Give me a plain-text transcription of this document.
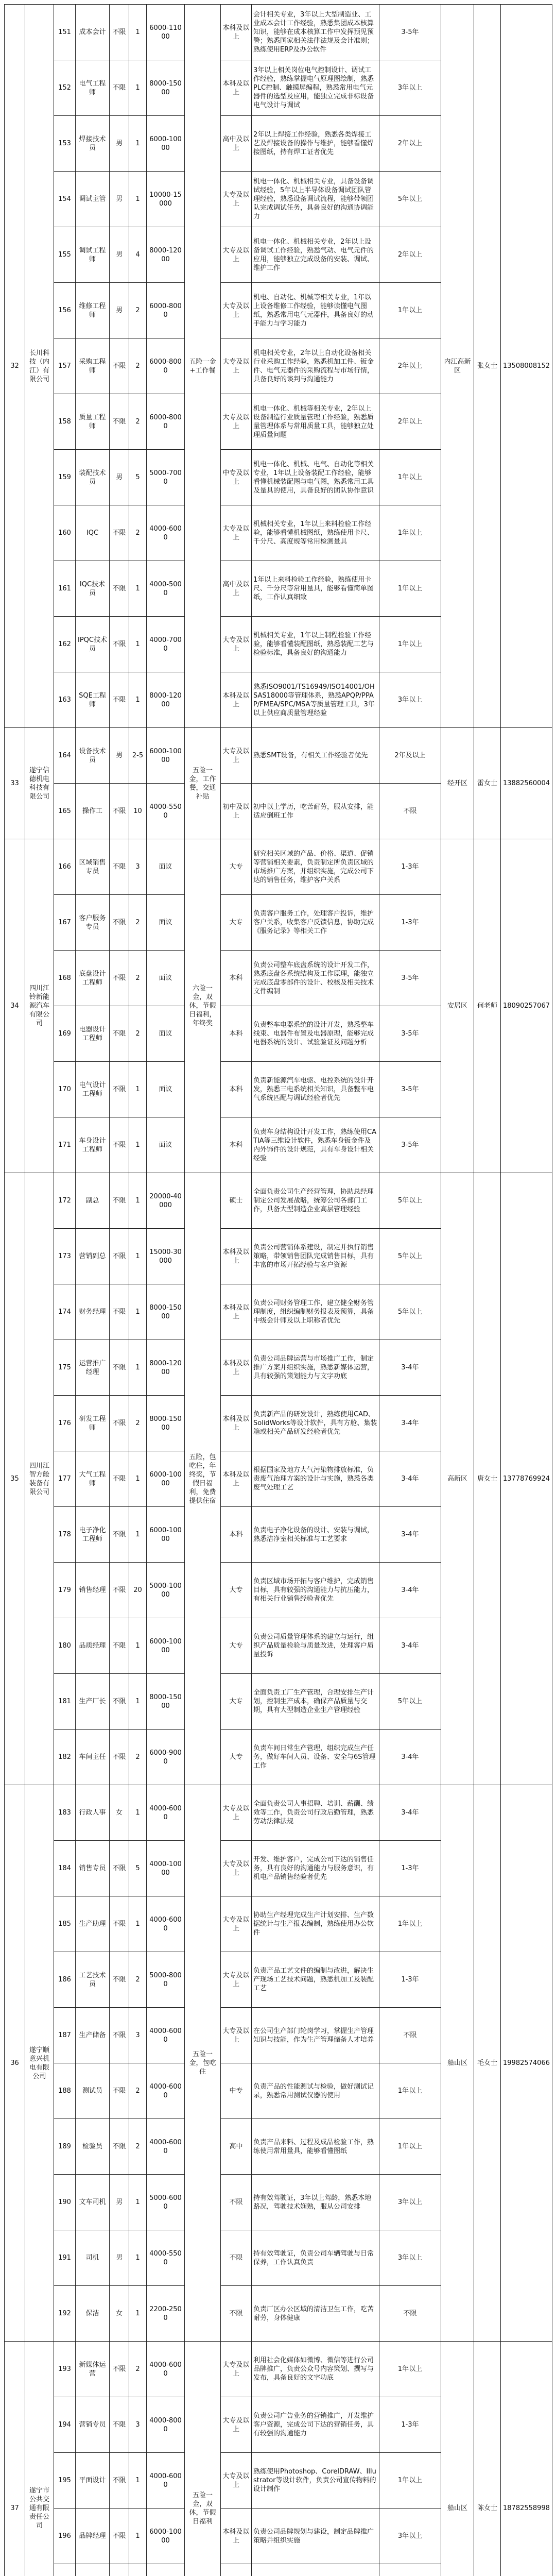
32	长川科技（内江）有限公司	151	成本会计	不限	1	6000-11000	五险一金+工作餐	本科及以上	会计相关专业，3年以上大型制造业、工业成本会计工作经验，熟悉集团成本核算知识，能够在成本核算工作中发挥预见预警；熟悉国家相关法律法规及会计准则；熟练使用ERP及办公软件	3-5年	内江高新区	张女士	13508008152
		152	电气工程师	不限	1	8000-15000		本科及以上	3年以上相关岗位电气控制设计、调试工作经验，熟练掌握电气原理图绘制，熟悉PLC控制、触摸屏编程，熟悉常用电气元器件的选型及应用，能独立完成非标设备电气设计与调试	3年以上			
		153	焊接技术员	男	1	6000-10000		高中及以上	2年以上焊接工作经验，熟悉各类焊接工艺及焊接设备的操作与维护，能够看懂焊接图纸，持有焊工证者优先	2年以上			
		154	调试主管	男	1	10000-15000		大专及以上	机电一体化、机械相关专业，具备设备调试经验，5年以上半导体设备调试团队管理经验，熟悉设备调试流程，能够带领团队完成调试任务，具备良好的沟通协调能力	5年以上			
		155	调试工程师	男	4	8000-12000		大专及以上	机电一体化、机械相关专业，2年以上设备调试工作经验，熟悉气动、电气元件的应用，能够独立完成设备的安装、调试、维护工作	2年以上			
		156	维修工程师	男	2	6000-8000		大专及以上	机电、自动化、机械等相关专业，1年以上设备维修工作经验，能够读懂电气图纸，熟悉常用电气元器件，具备良好的动手能力与学习能力	1年以上			
		157	采购工程师	不限	2	6000-8000		大专及以上	机电相关专业，2年以上自动化设备相关行业采购工作经验，熟悉机加工件、钣金件、电气元器件的采购流程与市场行情，具备良好的谈判与沟通能力	2年以上			
		158	质量工程师	不限	2	6000-8000		大专及以上	机电一体化、机械等相关专业，2年以上设备制造行业质量管理工作经验，熟悉质量管理体系与常用质量工具，能够独立处理质量问题	2年以上			
		159	装配技术员	男	5	5000-7000		中专及以上	机电一体化、机械、电气、自动化等相关专业，1年以上设备装配工作经验，能够看懂机械装配图与电气图，熟悉常用工具及量具的使用，具备良好的团队协作意识	1年以上			
		160	IQC	不限	2	4000-6000		大专及以上	机械相关专业，1年以上来料检验工作经验，能够看懂机械图纸，熟练使用卡尺、千分尺、高度规等常用检测量具	1年以上			
		161	IQC技术员	不限	1	4000-5000		高中及以上	1年以上来料检验工作经验，熟练使用卡尺、千分尺等常用量具，能够看懂简单图纸，工作认真细致	1年以上			
		162	IPQC技术员	不限	1	4000-7000		大专及以上	机械相关专业，1年以上制程检验工作经验，能够看懂装配图纸，熟悉装配工艺与检验标准，具备良好的沟通能力	1年以上			
		163	SQE工程师	不限	1	8000-12000		本科及以上	熟悉ISO9001/TS16949/ISO14001/OHSAS18000等管理体系，熟悉APQP/PPAP/FMEA/SPC/MSA等质量管理工具，3年以上供应商质量管理经验	3年以上			
33	遂宁信德机电科技有限公司	164	设备技术员	男	2-5	6000-10000	五险一金，工作餐，交通补贴	大专及以上	熟悉SMT设备，有相关工作经验者优先	2年及以上	经开区	雷女士	13882560004
		165	操作工	不限	10	4000-5500		初中及以上	初中以上学历，吃苦耐劳，服从安排，能适应倒班工作	不限			
34	四川江铃新能源汽车有限公司	166	区域销售专员	不限	3	面议	六险一金，双休，节假日福利，年终奖	大专	研究相关区域的产品、价格、渠道、促销等营销相关要素，负责制定所负责区域的市场推广方案，并组织实施，完成公司下达的销售任务，维护客户关系	1-3年	安居区	何老师	18090257067
		167	客户服务专员	不限	2	面议		大专	负责客户服务工作，处理客户投诉，维护客户关系，收集客户反馈信息，协助完成《服务记录》等相关工作	1-3年			
		168	底盘设计工程师	不限	2	面议		本科	负责公司整车底盘系统的设计开发工作，熟悉底盘各系统结构及工作原理，能独立完成底盘零部件的设计、校核及相关技术文件编制	3-5年			
		169	电器设计工程师	不限	2	面议		本科	负责整车电器系统的设计开发，熟悉整车线束、电器件布置及电器原理，能够完成电器系统的设计、试验验证及问题分析	3-5年			
		170	电气设计工程师	不限	1	面议		本科	负责新能源汽车电驱、电控系统的设计开发，熟悉三电系统相关知识，具备整车电气系统匹配与调试经验者优先	3-5年			
		171	车身设计工程师	不限	1	面议		本科	负责车身结构设计开发工作，熟练使用CATIA等三维设计软件，熟悉车身钣金件及内外饰件的设计规范，具有车身设计相关经验	3-5年			
35	四川江智方舱装备有限公司	172	副总	不限	1	20000-40000	五险，包吃住，年终奖，节假日福利，免费提供住宿	硕士	全面负责公司生产经营管理，协助总经理制定公司发展战略，统筹公司各部门工作，具备大型制造企业高层管理经验	5年以上	高新区	唐女士	13778769924
		173	营销副总	不限	1	15000-30000		本科及以上	负责公司营销体系建设，制定并执行销售策略，带领销售团队完成销售目标，具有丰富的市场开拓经验与客户资源	5年以上			
		174	财务经理	不限	1	8000-15000		本科及以上	负责公司财务管理工作，建立健全财务管理制度，组织编制财务报表及预算，具备中级会计师及以上职称者优先	5年以上			
		175	运营推广经理	不限	1	8000-12000		本科及以上	负责公司品牌运营与市场推广工作，制定推广方案并组织实施，熟悉新媒体运营，具有较强的策划能力与文字功底	3-4年			
		176	研发工程师	不限	2	8000-15000		本科及以上	负责新产品的研发设计，熟练使用CAD、SolidWorks等设计软件，具有方舱、集装箱或相关产品研发经验者优先	3-4年			
		177	大气工程师	不限	1	6000-10000		本科及以上	根据国家及地方大气污染物排放标准，负责废气治理方案的设计与实施，熟悉各类废气处理工艺	3-4年			
		178	电子净化工程师	不限	1	6000-10000		本科	负责电子净化设备的设计、安装与调试，熟悉洁净室相关标准与工艺要求	3-4年			
		179	销售经理	不限	20	5000-10000		大专	负责区域市场开拓与客户维护，完成销售目标，具有较强的沟通能力与抗压能力，有相关行业销售经验者优先	3-4年			
		180	品质经理	不限	1	6000-10000		大专	负责公司质量管理体系的建立与运行，组织产品质量检验与质量改进，处理客户质量投诉	3-4年			
		181	生产厂长	不限	1	8000-15000		大专	全面负责工厂生产管理，合理安排生产计划，控制生产成本，确保产品质量与交期，具有大型制造企业生产管理经验	5年以上			
		182	车间主任	不限	2	6000-9000		大专	负责车间日常生产管理，组织完成生产任务，做好车间人员、设备、安全与6S管理工作	3-4年			
36	遂宁顺意兴机电有限公司	183	行政人事	女	1	4000-6000	五险一金，包吃住	大专及以上	全面负责公司人事招聘、培训、薪酬、绩效等工作，负责公司行政后勤管理，熟悉劳动法律法规	3-4年	船山区	毛女士	19982574066
		184	销售专员	不限	5	4000-10000		大专及以上	开发、维护客户，完成公司下达的销售任务，具有良好的沟通能力与服务意识，有机电产品销售经验者优先	1-3年			
		185	生产助理	不限	1	4000-6000		大专及以上	协助生产经理完成生产计划安排、生产数据统计与生产报表编制，熟练使用办公软件	1年以上			
		186	工艺技术员	不限	2	5000-8000		大专及以上	负责产品工艺文件的编制与改进，解决生产现场工艺技术问题，熟悉机加工及装配工艺	1-3年			
		187	生产储备	不限	3	4000-6000		大专及以上	在公司生产部门轮岗学习，掌握生产管理知识与技能，作为生产管理储备人才培养	不限			
		188	测试员	不限	2	4000-6000		中专	负责产品的性能测试与检验，做好测试记录，熟悉常用测试仪器的使用	1年以上			
		189	检验员	不限	2	4000-6000		高中	负责产品来料、过程及成品检验工作，熟练使用常用量具，能够看懂图纸	1年以上			
		190	文车司机	男	1	5000-6000		不限	持有效驾驶证，3年以上驾龄，熟悉本地路况，驾驶技术娴熟，服从公司安排	3年以上			
		191	司机	男	1	4000-5500		不限	持有效驾驶证，负责公司车辆驾驶与日常保养，工作认真负责	3年以上			
		192	保洁	女	1	2200-2500		不限	负责厂区办公区域的清洁卫生工作，吃苦耐劳，身体健康	不限			
37	遂宁市公共交通有限责任公司	193	新媒体运营	不限	2	4000-6000	五险一金，双休，节假日福利	大专及以上	利用社会化媒体如微博、微信等进行公司品牌推广，负责公众号内容策划、撰写与发布，具备良好的文字功底	1年以上	船山区	陈女士	18782558998
		194	营销专员	不限	3	4000-8000		大专及以上	负责公司广告业务的营销推广，开发维护客户资源，完成公司下达的营销任务，具有较强的沟通能力	1-3年			
		195	平面设计	不限	1	4000-6000		大专及以上	熟练使用Photoshop、CorelDRAW、Illustrator等设计软件，负责公司宣传物料的设计制作	1年以上			
		196	品牌经理	不限	1	6000-10000		本科及以上	负责公司品牌规划与建设，制定品牌推广策略并组织实施	3年以上			
